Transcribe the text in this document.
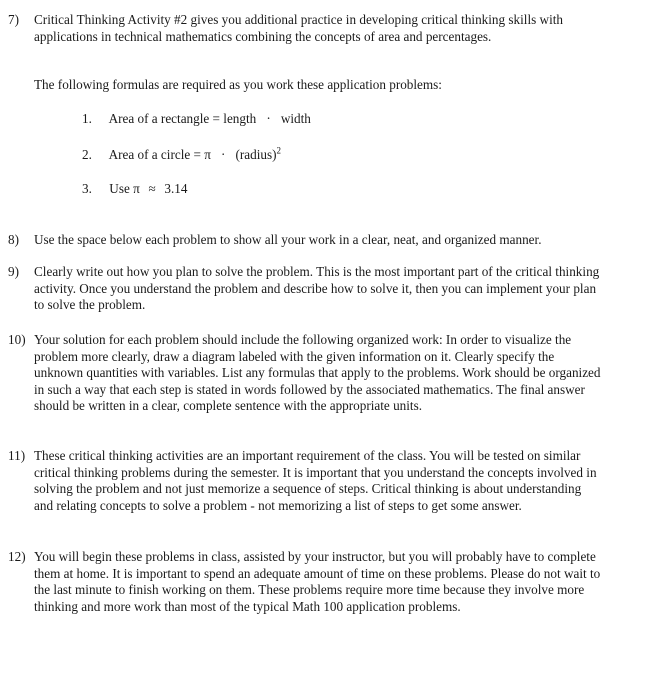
7) Critical Thinking Activity #2 gives you additional practice in developing critical thinking skills with applications in technical mathematics combining the concepts of area and percentages.
The following formulas are required as you work these application problems:
1. Area of a rectangle = length · width
2. Area of a circle = π · (radius)$^2$
3. Use π ≈ 3.14
8) Use the space below each problem to show all your work in a clear, neat, and organized manner.
9) Clearly write out how you plan to solve the problem. This is the most important part of the critical thinking activity. Once you understand the problem and describe how to solve it, then you can implement your plan to solve the problem.
10) Your solution for each problem should include the following organized work: In order to visualize the problem more clearly, draw a diagram labeled with the given information on it. Clearly specify the unknown quantities with variables. List any formulas that apply to the problems. Work should be organized in such a way that each step is stated in words followed by the associated mathematics. The final answer should be written in a clear, complete sentence with the appropriate units.
11) These critical thinking activities are an important requirement of the class. You will be tested on similar critical thinking problems during the semester. It is important that you understand the concepts involved in solving the problem and not just memorize a sequence of steps. Critical thinking is about understanding and relating concepts to solve a problem - not memorizing a list of steps to get some answer.
12) You will begin these problems in class, assisted by your instructor, but you will probably have to complete them at home. It is important to spend an adequate amount of time on these problems. Please do not wait to the last minute to finish working on them. These problems require more time because they involve more thinking and more work than most of the typical Math 100 application problems.
